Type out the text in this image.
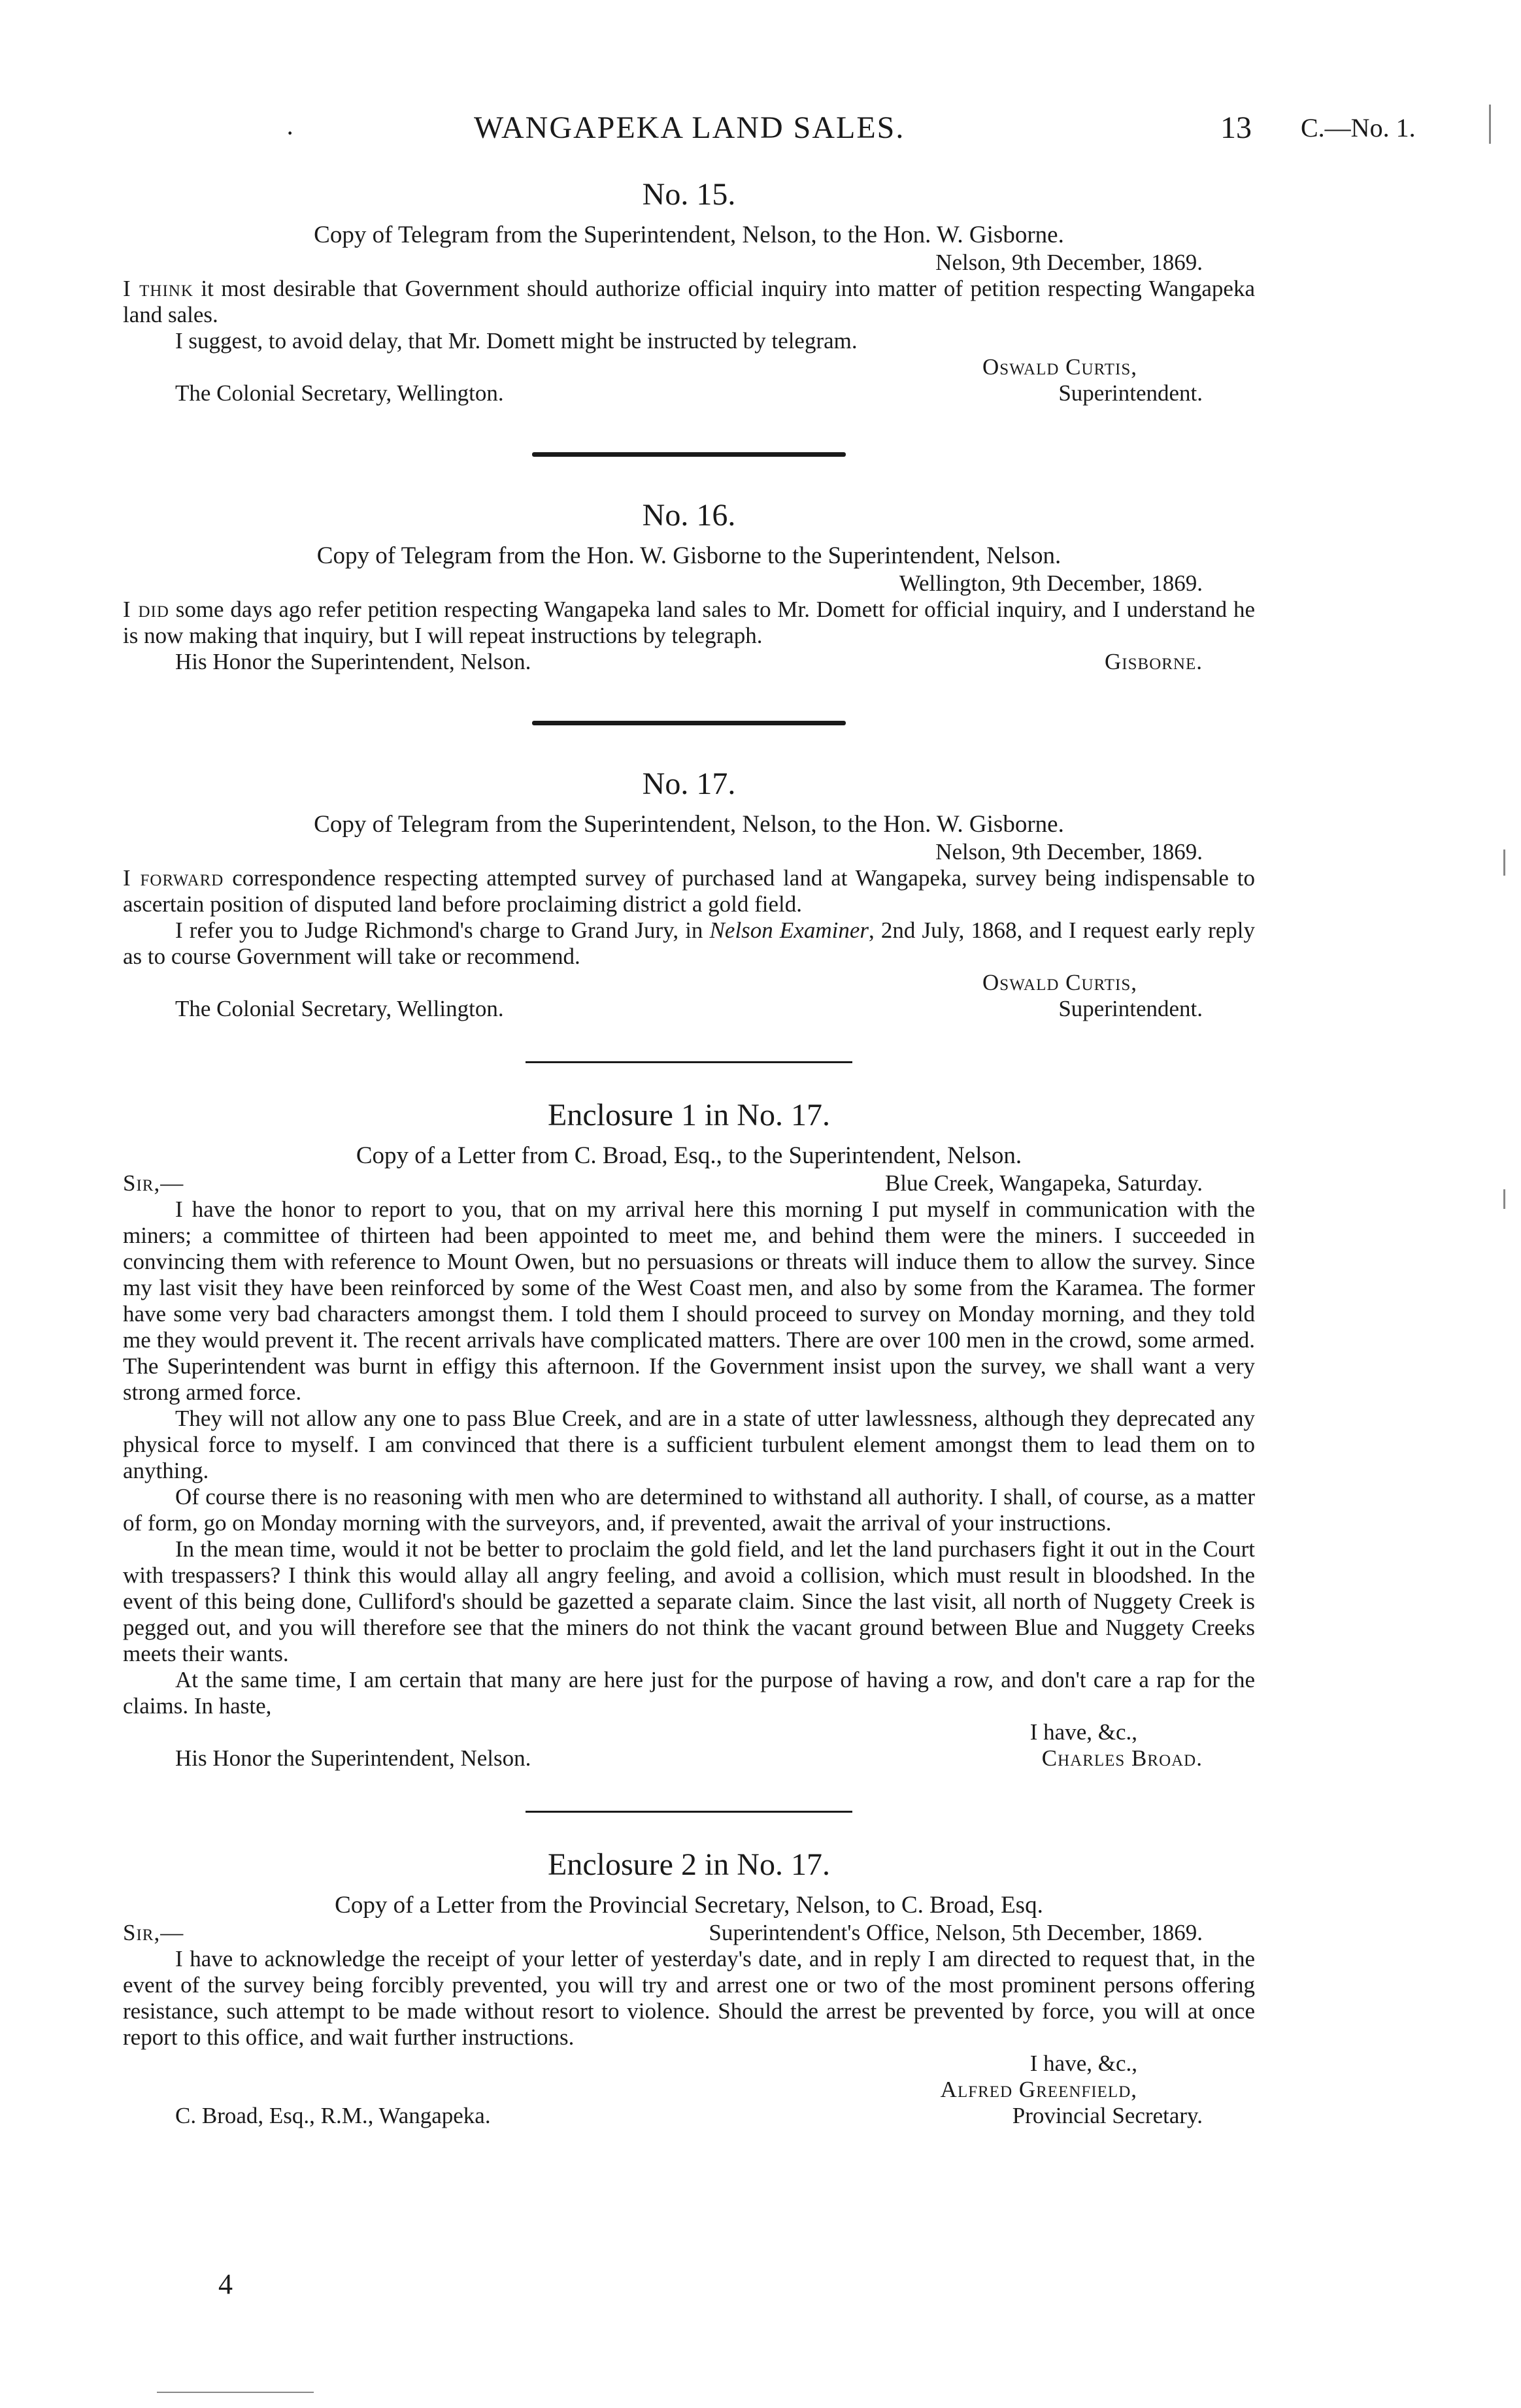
·	WANGAPEKA LAND SALES.	13 C.—No. 1.

No. 15.

Copy of Telegram from the Superintendent, Nelson, to the Hon. W. Gisborne.

Nelson, 9th December, 1869.

I think it most desirable that Government should authorize official inquiry into matter of petition respecting Wangapeka land sales.

I suggest, to avoid delay, that Mr. Domett might be instructed by telegram.

Oswald Curtis,

The Colonial Secretary, Wellington.	Superintendent.

No. 16.

Copy of Telegram from the Hon. W. Gisborne to the Superintendent, Nelson.

Wellington, 9th December, 1869.

I did some days ago refer petition respecting Wangapeka land sales to Mr. Domett for official inquiry, and I understand he is now making that inquiry, but I will repeat instructions by telegraph.

His Honor the Superintendent, Nelson.	Gisborne.

No. 17.

Copy of Telegram from the Superintendent, Nelson, to the Hon. W. Gisborne.

Nelson, 9th December, 1869.

I forward correspondence respecting attempted survey of purchased land at Wangapeka, survey being indispensable to ascertain position of disputed land before proclaiming district a gold field.

I refer you to Judge Richmond's charge to Grand Jury, in Nelson Examiner, 2nd July, 1868, and I request early reply as to course Government will take or recommend.

Oswald Curtis,

The Colonial Secretary, Wellington.	Superintendent.

Enclosure 1 in No. 17.

Copy of a Letter from C. Broad, Esq., to the Superintendent, Nelson.

Sir,—	Blue Creek, Wangapeka, Saturday.

I have the honor to report to you, that on my arrival here this morning I put myself in communication with the miners; a committee of thirteen had been appointed to meet me, and behind them were the miners. I succeeded in convincing them with reference to Mount Owen, but no persuasions or threats will induce them to allow the survey. Since my last visit they have been reinforced by some of the West Coast men, and also by some from the Karamea. The former have some very bad characters amongst them. I told them I should proceed to survey on Monday morning, and they told me they would prevent it. The recent arrivals have complicated matters. There are over 100 men in the crowd, some armed. The Superintendent was burnt in effigy this afternoon. If the Government insist upon the survey, we shall want a very strong armed force.

They will not allow any one to pass Blue Creek, and are in a state of utter lawlessness, although they deprecated any physical force to myself. I am convinced that there is a sufficient turbulent element amongst them to lead them on to anything.

Of course there is no reasoning with men who are determined to withstand all authority. I shall, of course, as a matter of form, go on Monday morning with the surveyors, and, if prevented, await the arrival of your instructions.

In the mean time, would it not be better to proclaim the gold field, and let the land purchasers fight it out in the Court with trespassers? I think this would allay all angry feeling, and avoid a collision, which must result in bloodshed. In the event of this being done, Culliford's should be gazetted a separate claim. Since the last visit, all north of Nuggety Creek is pegged out, and you will therefore see that the miners do not think the vacant ground between Blue and Nuggety Creeks meets their wants.

At the same time, I am certain that many are here just for the purpose of having a row, and don't care a rap for the claims. In haste,

I have, &c.,

His Honor the Superintendent, Nelson.	Charles Broad.

Enclosure 2 in No. 17.

Copy of a Letter from the Provincial Secretary, Nelson, to C. Broad, Esq.

Sir,—	Superintendent's Office, Nelson, 5th December, 1869.

I have to acknowledge the receipt of your letter of yesterday's date, and in reply I am directed to request that, in the event of the survey being forcibly prevented, you will try and arrest one or two of the most prominent persons offering resistance, such attempt to be made without resort to violence. Should the arrest be prevented by force, you will at once report to this office, and wait further instructions.

I have, &c.,

Alfred Greenfield,

C. Broad, Esq., R.M., Wangapeka.	Provincial Secretary.
4
